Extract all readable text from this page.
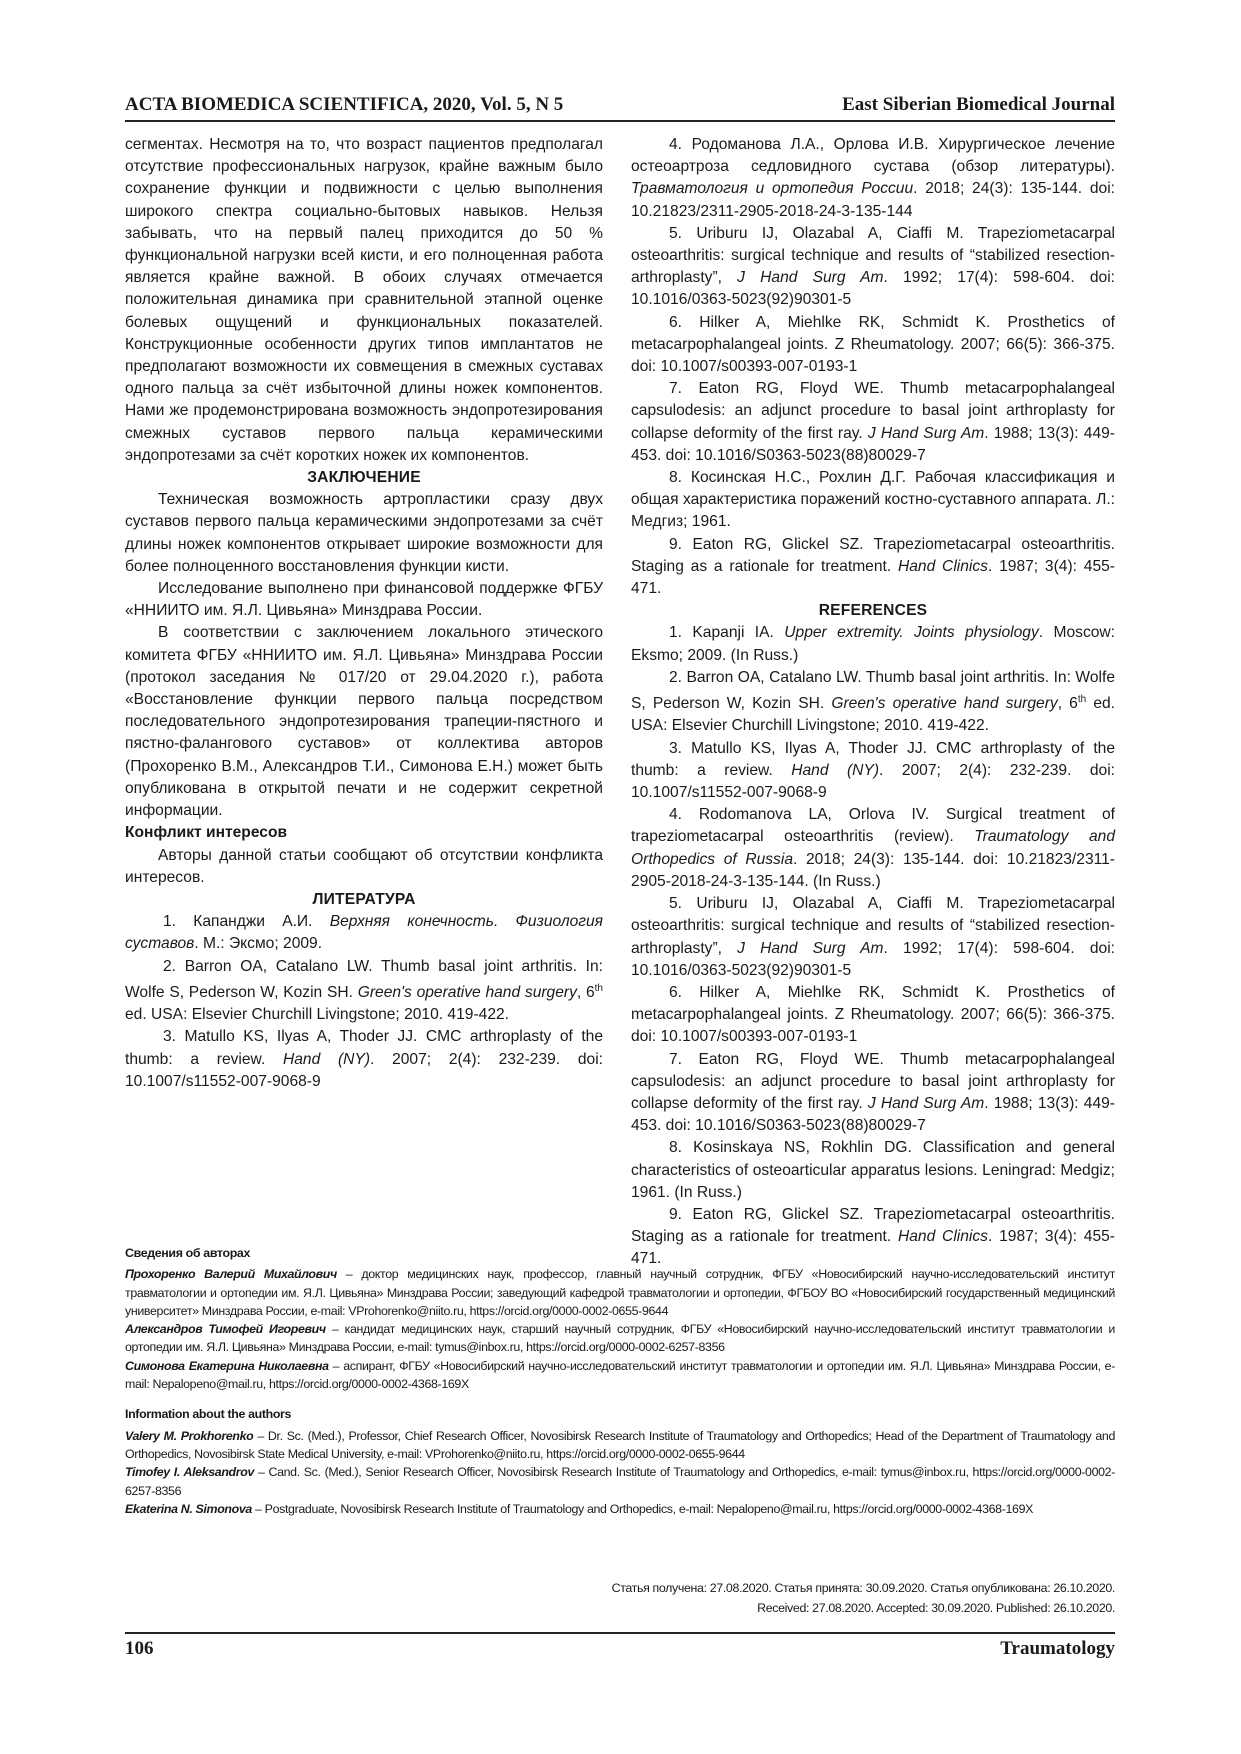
ACTA BIOMEDICA SCIENTIFICA, 2020, Vol. 5, N 5	East Siberian Biomedical Journal

сегментах. Несмотря на то, что возраст пациентов предполагал отсутствие профессиональных нагрузок, крайне важным было сохранение функции и подвижности с целью выполнения широкого спектра социально-бытовых навыков. Нельзя забывать, что на первый палец приходится до 50 % функциональной нагрузки всей кисти, и его полноценная работа является крайне важной. В обоих случаях отмечается положительная динамика при сравнительной этапной оценке болевых ощущений и функциональных показателей. Конструкционные особенности других типов имплантатов не предполагают возможности их совмещения в смежных суставах одного пальца за счёт избыточной длины ножек компонентов. Нами же продемонстрирована возможность эндопротезирования смежных суставов первого пальца керамическими эндопротезами за счёт коротких ножек их компонентов.

ЗАКЛЮЧЕНИЕ

Техническая возможность артропластики сразу двух суставов первого пальца керамическими эндопротезами за счёт длины ножек компонентов открывает широкие возможности для более полноценного восстановления функции кисти.

Исследование выполнено при финансовой поддержке ФГБУ «ННИИТО им. Я.Л. Цивьяна» Минздрава России.

В соответствии с заключением локального этического комитета ФГБУ «ННИИТО им. Я.Л. Цивьяна» Минздрава России (протокол заседания № 017/20 от 29.04.2020 г.), работа «Восстановление функции первого пальца посредством последовательного эндопротезирования трапеции-пястного и пястно-фалангового суставов» от коллектива авторов (Прохоренко В.М., Александров Т.И., Симонова Е.Н.) может быть опубликована в открытой печати и не содержит секретной информации.

Конфликт интересов

Авторы данной статьи сообщают об отсутствии конфликта интересов.

ЛИТЕРАТУРА

1. Капанджи А.И. Верхняя конечность. Физиология суставов. М.: Эксмо; 2009.

2. Barron OA, Catalano LW. Thumb basal joint arthritis. In: Wolfe S, Pederson W, Kozin SH. Green's operative hand surgery, 6th ed. USA: Elsevier Churchill Livingstone; 2010. 419-422.

3. Matullo KS, Ilyas A, Thoder JJ. CMC arthroplasty of the thumb: a review. Hand (NY). 2007; 2(4): 232-239. doi: 10.1007/s11552-007-9068-9

4. Родоманова Л.А., Орлова И.В. Хирургическое лечение остеоартроза седловидного сустава (обзор литературы). Травматология и ортопедия России. 2018; 24(3): 135-144. doi: 10.21823/2311-2905-2018-24-3-135-144

5. Uriburu IJ, Olazabal A, Ciaffi M. Trapeziometacarpal osteoarthritis: surgical technique and results of “stabilized resection-arthroplasty”, J Hand Surg Am. 1992; 17(4): 598-604. doi: 10.1016/0363-5023(92)90301-5

6. Hilker A, Miehlke RK, Schmidt K. Prosthetics of metacarpophalangeal joints. Z Rheumatology. 2007; 66(5): 366-375. doi: 10.1007/s00393-007-0193-1

7. Eaton RG, Floyd WE. Thumb metacarpophalangeal capsulodesis: an adjunct procedure to basal joint arthroplasty for collapse deformity of the first ray. J Hand Surg Am. 1988; 13(3): 449-453. doi: 10.1016/S0363-5023(88)80029-7

8. Косинская Н.С., Рохлин Д.Г. Рабочая классификация и общая характеристика поражений костно-суставного аппарата. Л.: Медгиз; 1961.

9. Eaton RG, Glickel SZ. Trapeziometacarpal osteoarthritis. Staging as a rationale for treatment. Hand Clinics. 1987; 3(4): 455-471.

REFERENCES

1. Kapanji IA. Upper extremity. Joints physiology. Moscow: Eksmo; 2009. (In Russ.)

2. Barron OA, Catalano LW. Thumb basal joint arthritis. In: Wolfe S, Pederson W, Kozin SH. Green's operative hand surgery, 6th ed. USA: Elsevier Churchill Livingstone; 2010. 419-422.

3. Matullo KS, Ilyas A, Thoder JJ. CMC arthroplasty of the thumb: a review. Hand (NY). 2007; 2(4): 232-239. doi: 10.1007/s11552-007-9068-9

4. Rodomanova LA, Orlova IV. Surgical treatment of trapeziometacarpal osteoarthritis (review). Traumatology and Orthopedics of Russia. 2018; 24(3): 135-144. doi: 10.21823/2311-2905-2018-24-3-135-144. (In Russ.)

5. Uriburu IJ, Olazabal A, Ciaffi M. Trapeziometacarpal osteoarthritis: surgical technique and results of “stabilized resection-arthroplasty”, J Hand Surg Am. 1992; 17(4): 598-604. doi: 10.1016/0363-5023(92)90301-5

6. Hilker A, Miehlke RK, Schmidt K. Prosthetics of metacarpophalangeal joints. Z Rheumatology. 2007; 66(5): 366-375. doi: 10.1007/s00393-007-0193-1

7. Eaton RG, Floyd WE. Thumb metacarpophalangeal capsulodesis: an adjunct procedure to basal joint arthroplasty for collapse deformity of the first ray. J Hand Surg Am. 1988; 13(3): 449-453. doi: 10.1016/S0363-5023(88)80029-7

8. Kosinskaya NS, Rokhlin DG. Classification and general characteristics of osteoarticular apparatus lesions. Leningrad: Medgiz; 1961. (In Russ.)

9. Eaton RG, Glickel SZ. Trapeziometacarpal osteoarthritis. Staging as a rationale for treatment. Hand Clinics. 1987; 3(4): 455-471.

Сведения об авторах

Прохоренко Валерий Михайлович – доктор медицинских наук, профессор, главный научный сотрудник, ФГБУ «Новосибирский научно-исследовательский институт травматологии и ортопедии им. Я.Л. Цивьяна» Минздрава России; заведующий кафедрой травматологии и ортопедии, ФГБОУ ВО «Новосибирский государственный медицинский университет» Минздрава России, e-mail: VProhorenko@niito.ru, https://orcid.org/0000-0002-0655-9644

Александров Тимофей Игоревич – кандидат медицинских наук, старший научный сотрудник, ФГБУ «Новосибирский научно-исследовательский институт травматологии и ортопедии им. Я.Л. Цивьяна» Минздрава России, e-mail: tymus@inbox.ru, https://orcid.org/0000-0002-6257-8356

Симонова Екатерина Николаевна – аспирант, ФГБУ «Новосибирский научно-исследовательский институт травматологии и ортопедии им. Я.Л. Цивьяна» Минздрава России, e-mail: Nepalopeno@mail.ru, https://orcid.org/0000-0002-4368-169X

Information about the authors

Valery M. Prokhorenko – Dr. Sc. (Med.), Professor, Chief Research Officer, Novosibirsk Research Institute of Traumatology and Orthopedics; Head of the Department of Traumatology and Orthopedics, Novosibirsk State Medical University, e-mail: VProhorenko@niito.ru, https://orcid.org/0000-0002-0655-9644

Timofey I. Aleksandrov – Cand. Sc. (Med.), Senior Research Officer, Novosibirsk Research Institute of Traumatology and Orthopedics, e-mail: tymus@inbox.ru, https://orcid.org/0000-0002-6257-8356

Ekaterina N. Simonova – Postgraduate, Novosibirsk Research Institute of Traumatology and Orthopedics, e-mail: Nepalopeno@mail.ru, https://orcid.org/0000-0002-4368-169X

Статья получена: 27.08.2020. Статья принята: 30.09.2020. Статья опубликована: 26.10.2020.
Received: 27.08.2020. Accepted: 30.09.2020. Published: 26.10.2020.
106	Traumatology
